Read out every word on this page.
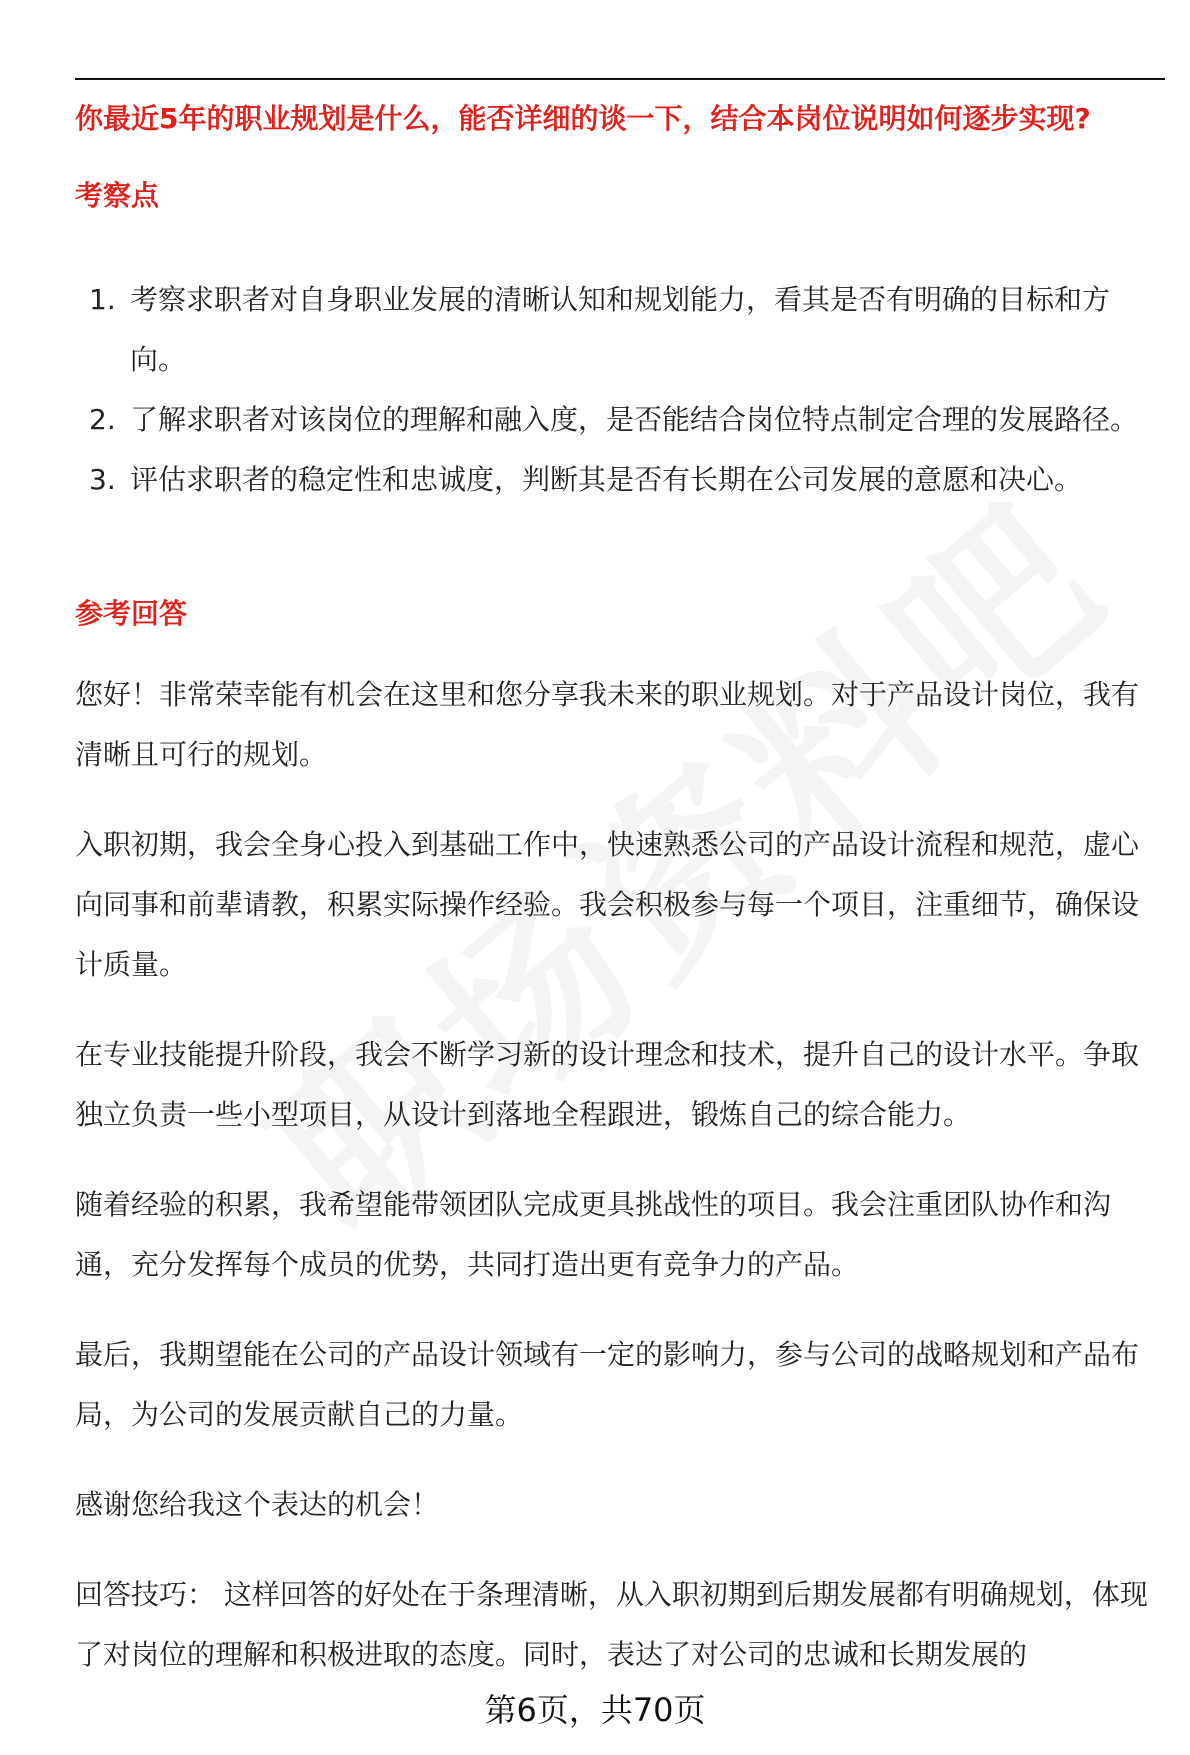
你最近5年的职业规划是什么，能否详细的谈一下，结合本岗位说明如何逐步实现?
考察点
1. 考察求职者对自身职业发展的清晰认知和规划能力，看其是否有明确的目标和方向。
2. 了解求职者对该岗位的理解和融入度，是否能结合岗位特点制定合理的发展路径。
3. 评估求职者的稳定性和忠诚度，判断其是否有长期在公司发展的意愿和决心。
参考回答

您好！非常荣幸能有机会在这里和您分享我未来的职业规划。对于产品设计岗位，我有清晰且可行的规划。

入职初期，我会全身心投入到基础工作中，快速熟悉公司的产品设计流程和规范，虚心向同事和前辈请教，积累实际操作经验。我会积极参与每一个项目，注重细节，确保设计质量。

在专业技能提升阶段，我会不断学习新的设计理念和技术，提升自己的设计水平。争取独立负责一些小型项目，从设计到落地全程跟进，锻炼自己的综合能力。

随着经验的积累，我希望能带领团队完成更具挑战性的项目。我会注重团队协作和沟通，充分发挥每个成员的优势，共同打造出更有竞争力的产品。

最后，我期望能在公司的产品设计领域有一定的影响力，参与公司的战略规划和产品布局，为公司的发展贡献自己的力量。

感谢您给我这个表达的机会！

回答技巧： 这样回答的好处在于条理清晰，从入职初期到后期发展都有明确规划，体现了对岗位的理解和积极进取的态度。同时，表达了对公司的忠诚和长期发展的

第6页，共70页
